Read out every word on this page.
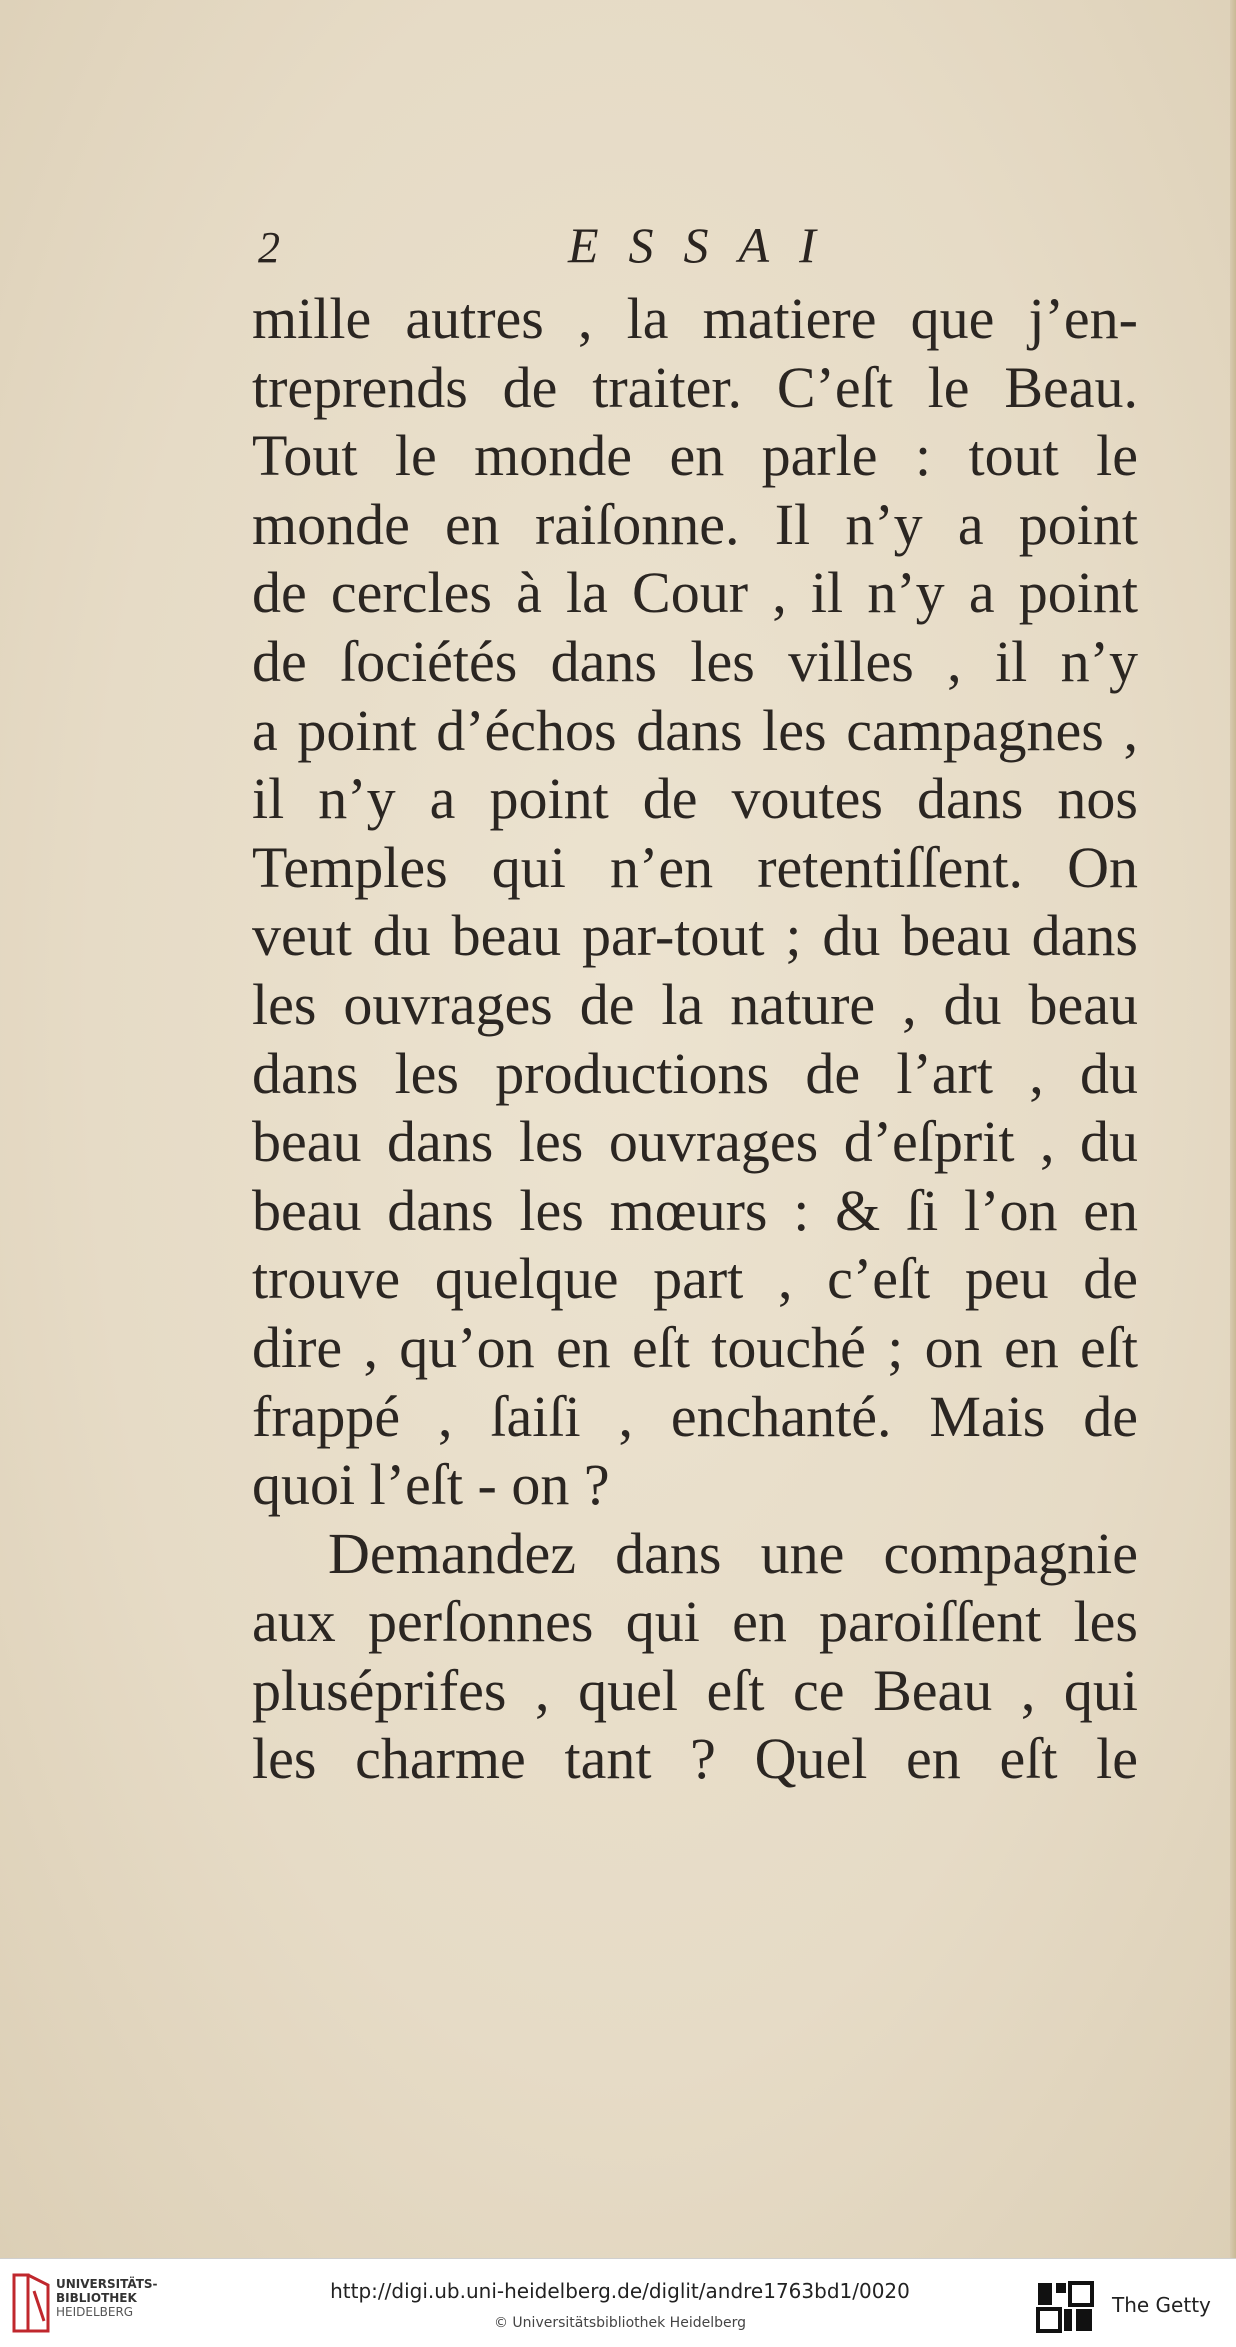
2	ESSAI
mille autres , la matiere que j’en-
treprends de traiter. C’eſt le Beau.
Tout le monde en parle : tout le
monde en raiſonne. Il n’y a point
de cercles à la Cour , il n’y a point
de ſociétés dans les villes , il n’y
a point d’échos dans les campagnes ,
il n’y a point de voutes dans nos
Temples qui n’en retentiſſent. On
veut du beau par-tout ; du beau dans
les ouvrages de la nature , du beau
dans les productions de l’art , du
beau dans les ouvrages d’eſprit , du
beau dans les mœurs : & ſi l’on en
trouve quelque part , c’eſt peu de
dire , qu’on en eſt touché ; on en eſt
frappé , ſaiſi , enchanté. Mais de
quoi l’eſt - on ?
Demandez dans une compagnie
aux perſonnes qui en paroiſſent les
pluséprifes , quel eſt ce Beau , qui
les charme tant ? Quel en eſt le
UNIVERSITÄTS-
BIBLIOTHEK
HEIDELBERG
http://digi.ub.uni-heidelberg.de/diglit/andre1763bd1/0020
© Universitätsbibliothek Heidelberg
The Getty
